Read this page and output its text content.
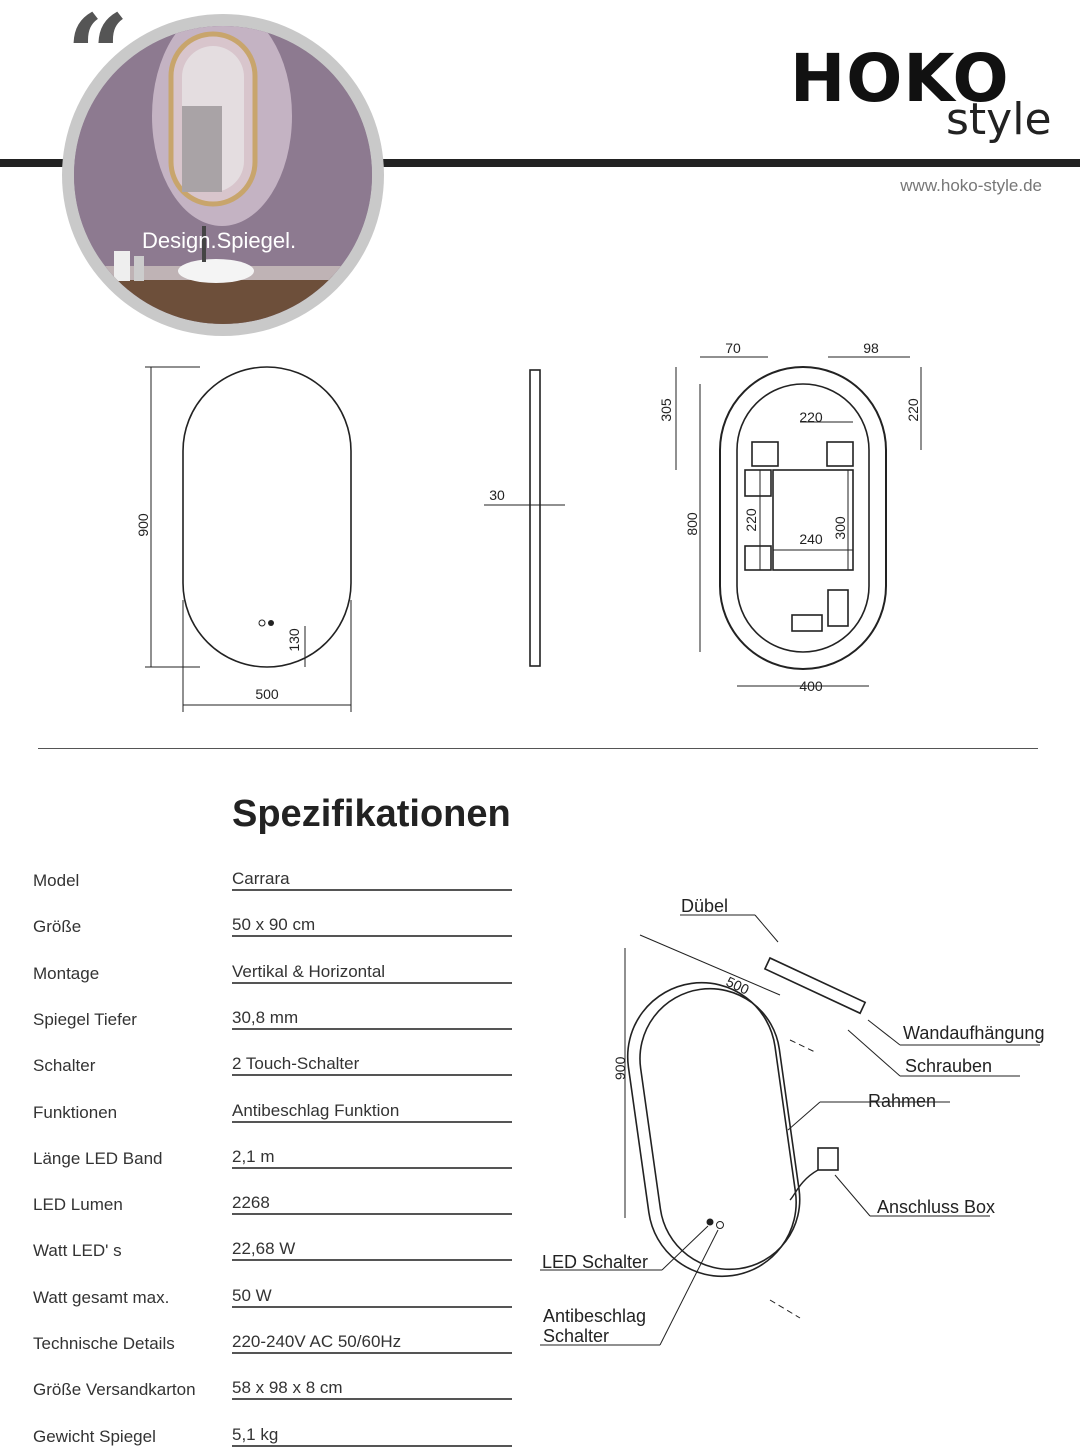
“
Design.Spiegel.
HOKO
style
www.hoko-style.de
900
500
130
30
70	98
305	220
220
800	220
240 300
400
Spezifikationen
Model	Carrara
Größe	50 x 90 cm
Montage	Vertikal & Horizontal
Spiegel Tiefer	30,8 mm
Schalter	2 Touch-Schalter
Funktionen	Antibeschlag Funktion
Länge LED Band	2,1 m
LED Lumen	2268
Watt LED' s	22,68 W
Watt gesamt max.	50 W
Technische Details	220-240V AC 50/60Hz
Größe Versandkarton 58 x 98 x 8 cm
Gewicht Spiegel	5,1 kg
500
900
Dübel
Wandaufhängung
Schrauben
Rahmen
Anschluss Box
LED Schalter
Antibeschlag
Schalter
